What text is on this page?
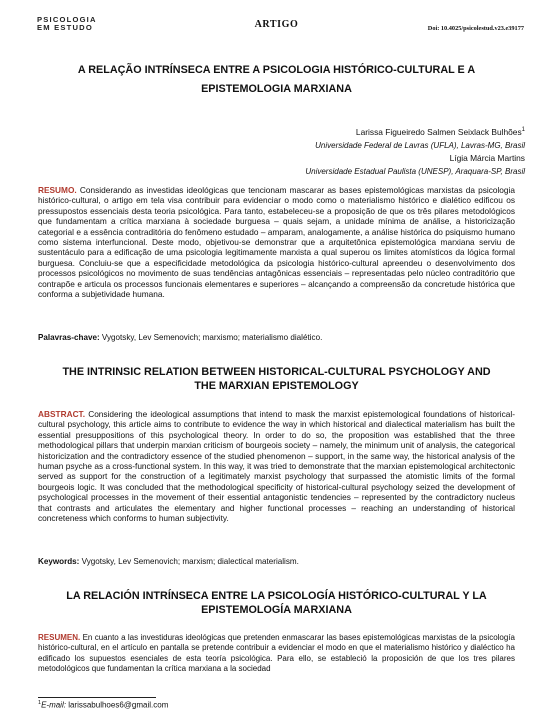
PSICOLOGIA
EM ESTUDO	ARTIGO	Doi: 10.4025/psicolestud.v23.e39177
A RELAÇÃO INTRÍNSECA ENTRE A PSICOLOGIA HISTÓRICO-CULTURAL E A
EPISTEMOLOGIA MARXIANA
Larissa Figueiredo Salmen Seixlack Bulhões$^1$
Universidade Federal de Lavras (UFLA), Lavras-MG, Brasil
Lígia Márcia Martins
Universidade Estadual Paulista (UNESP), Araquara-SP, Brasil
RESUMO. Considerando as investidas ideológicas que tencionam mascarar as bases epistemológicas marxistas da psicologia histórico-cultural, o artigo em tela visa contribuir para evidenciar o modo como o materialismo histórico e dialético edificou os pressupostos essenciais desta teoria psicológica. Para tanto, estabeleceu-se a proposição de que os três pilares metodológicos que fundamentam a crítica marxiana à sociedade burguesa – quais sejam, a unidade mínima de análise, a historicização categorial e a essência contraditória do fenômeno estudado – amparam, analogamente, a análise histórica do psiquismo humano como sistema interfuncional. Deste modo, objetivou-se demonstrar que a arquitetônica epistemológica marxiana serviu de sustentáculo para a edificação de uma psicologia legitimamente marxista a qual superou os limites atomísticos da lógica formal burguesa. Concluiu-se que a especificidade metodológica da psicologia histórico-cultural apreendeu o desenvolvimento dos processos psicológicos no movimento de suas tendências antagônicas essenciais – representadas pelo núcleo contraditório que contrapõe e articula os processos funcionais elementares e superiores – alcançando a compreensão da concretude histórica que conforma a subjetividade humana.
Palavras-chave: Vygotsky, Lev Semenovich; marxismo; materialismo dialético.
THE INTRINSIC RELATION BETWEEN HISTORICAL-CULTURAL PSYCHOLOGY AND
THE MARXIAN EPISTEMOLOGY
ABSTRACT. Considering the ideological assumptions that intend to mask the marxist epistemological foundations of historical-cultural psychology, this article aims to contribute to evidence the way in which historical and dialectical materialism has built the essential presuppositions of this psychological theory. In order to do so, the proposition was established that the three methodological pillars that underpin marxian criticism of bourgeois society – namely, the minimum unit of analysis, the categorical historicization and the contradictory essence of the studied phenomenon – support, in the same way, the historical analysis of the human psyche as a cross-functional system. In this way, it was tried to demonstrate that the marxian epistemological architectonic served as support for the construction of a legitimately marxist psychology that surpassed the atomistic limits of the formal bourgeois logic. It was concluded that the methodological specificity of historical-cultural psychology seized the development of psychological processes in the movement of their essential antagonistic tendencies – represented by the contradictory nucleus that contrasts and articulates the elementary and higher functional processes – reaching an understanding of historical concreteness which conforms to human subjectivity.
Keywords: Vygotsky, Lev Semenovich; marxism; dialectical materialism.
LA RELACIÓN INTRÍNSECA ENTRE LA PSICOLOGÍA HISTÓRICO-CULTURAL Y LA
EPISTEMOLOGÍA MARXIANA
RESUMEN. En cuanto a las investiduras ideológicas que pretenden enmascarar las bases epistemológicas marxistas de la psicología histórico-cultural, en el artículo en pantalla se pretende contribuir a evidenciar el modo en que el materialismo histórico y dialéctico ha edificado los supuestos esenciales de esta teoría psicológica. Para ello, se estableció la proposición de que los tres pilares metodológicos que fundamentan la crítica marxiana a la sociedad
$^1$E-mail: larissabulhoes6@gmail.com
